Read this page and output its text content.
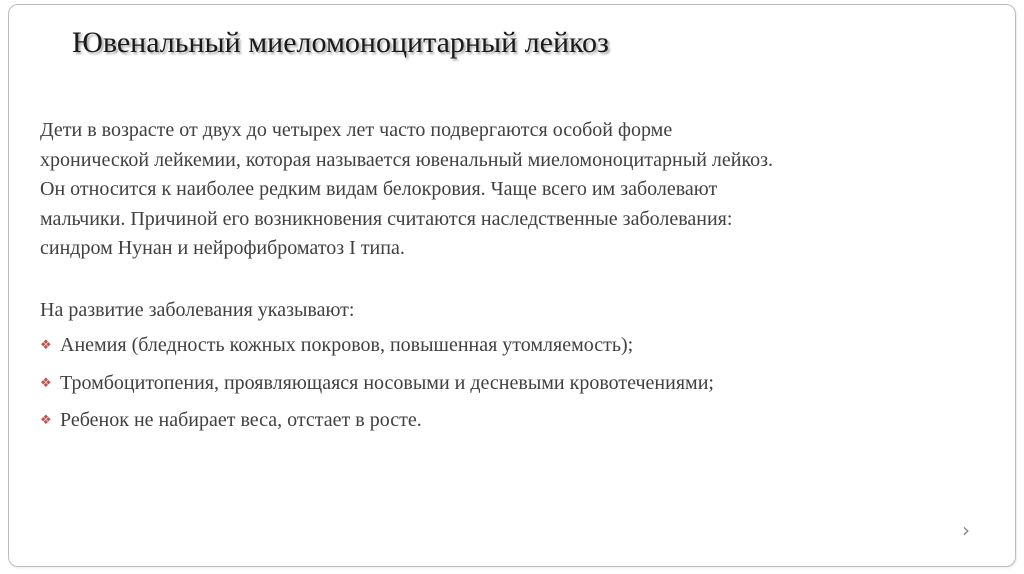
Ювенальный миеломоноцитарный лейкоз

Дети в возрасте от двух до четырех лет часто подвергаются особой форме
хронической лейкемии, которая называется ювенальный миеломоноцитарный лейкоз.
Он относится к наиболее редким видам белокровия. Чаще всего им заболевают
мальчики. Причиной его возникновения считаются наследственные заболевания:
синдром Нунан и нейрофиброматоз I типа.

На развитие заболевания указывают:

❖ Анемия (бледность кожных покровов, повышенная утомляемость);
❖ Тромбоцитопения, проявляющаяся носовыми и десневыми кровотечениями;
❖ Ребенок не набирает веса, отстает в росте.
›
